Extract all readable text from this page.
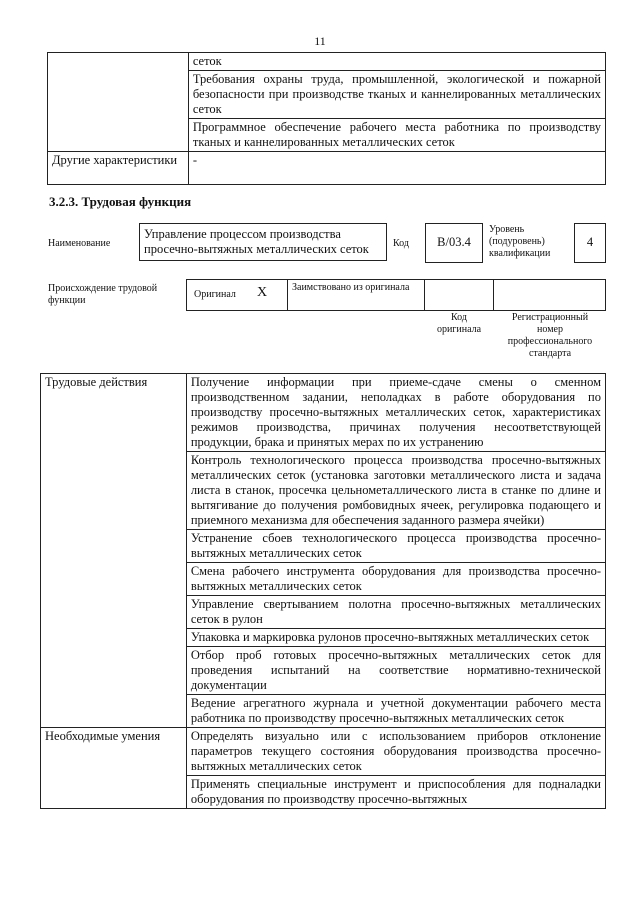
11
	сеток
	Требования охраны труда, промышленной, экологической и пожарной безопасности при производстве тканых и каннелированных металлических сеток
	Программное обеспечение рабочего места работника по производству тканых и каннелированных металлических сеток
Другие характеристики	-
3.2.3. Трудовая функция
Наименование
Управление процессом производства просечно-вытяжных металлических сеток	Код	B/03.4
Уровень (подуровень) квалификации
4
Происхождение трудовой функции
Оригинал X Заимствовано из оригинала
Код оригинала
Регистрационный номер профессионального стандарта
Трудовые действия	Получение информации при приеме-сдаче смены о сменном производственном задании, неполадках в работе оборудования по производству просечно-вытяжных металлических сеток, характеристиках режимов производства, причинах получения несоответствующей продукции, брака и принятых мерах по их устранению
	Контроль технологического процесса производства просечно-вытяжных металлических сеток (установка заготовки металлического листа и задача листа в станок, просечка цельнометаллического листа в станке по длине и вытягивание до получения ромбовидных ячеек, регулировка подающего и приемного механизма для обеспечения заданного размера ячейки)
	Устранение сбоев технологического процесса производства просечно-вытяжных металлических сеток
	Смена рабочего инструмента оборудования для производства просечно-вытяжных металлических сеток
	Управление свертыванием полотна просечно-вытяжных металлических сеток в рулон
	Упаковка и маркировка рулонов просечно-вытяжных металлических сеток
	Отбор проб готовых просечно-вытяжных металлических сеток для проведения испытаний на соответствие нормативно-технической документации
	Ведение агрегатного журнала и учетной документации рабочего места работника по производству просечно-вытяжных металлических сеток
Необходимые умения	Определять визуально или с использованием приборов отклонение параметров текущего состояния оборудования производства просечно-вытяжных металлических сеток
	Применять специальные инструмент и приспособления для подналадки оборудования по производству просечно-вытяжных
